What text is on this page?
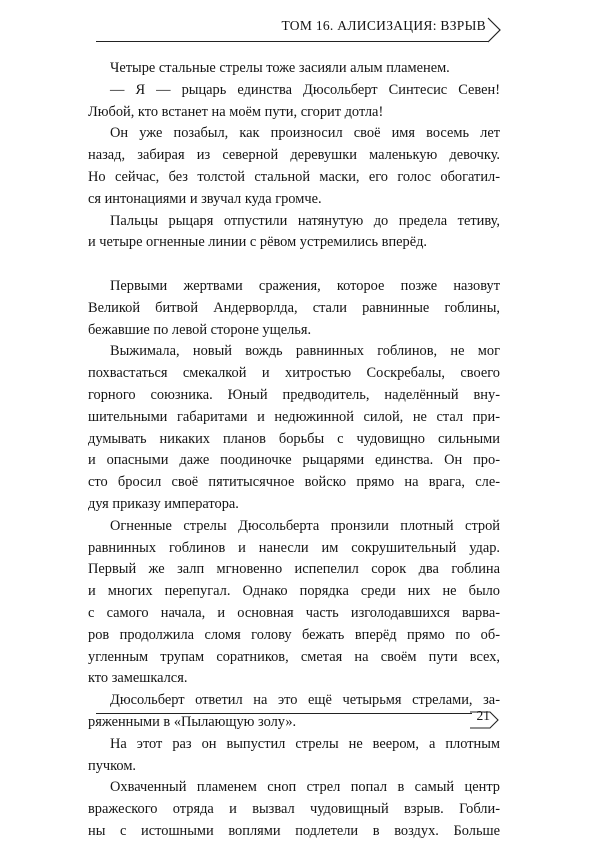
ТОМ 16. АЛИСИЗАЦИЯ: ВЗРЫВ

Четыре стальные стрелы тоже засияли алым пламенем.

— Я — рыцарь единства Дюсольберт Синтесис Севен!
Любой, кто встанет на моём пути, сгорит дотла!

Он уже позабыл, как произносил своё имя восемь лет
назад, забирая из северной деревушки маленькую девочку.
Но сейчас, без толстой стальной маски, его голос обогатил-
ся интонациями и звучал куда громче.

Пальцы рыцаря отпустили натянутую до предела тетиву,
и четыре огненные линии с рёвом устремились вперёд.

Первыми жертвами сражения, которое позже назовут
Великой битвой Андерворлда, стали равнинные гоблины,
бежавшие по левой стороне ущелья.

Выжимала, новый вождь равнинных гоблинов, не мог
похвастаться смекалкой и хитростью Соскребалы, своего
горного союзника. Юный предводитель, наделённый вну-
шительными габаритами и недюжинной силой, не стал при-
думывать никаких планов борьбы с чудовищно сильными
и опасными даже поодиночке рыцарями единства. Он про-
сто бросил своё пятитысячное войско прямо на врага, сле-
дуя приказу императора.

Огненные стрелы Дюсольберта пронзили плотный строй
равнинных гоблинов и нанесли им сокрушительный удар.
Первый же залп мгновенно испепелил сорок два гоблина
и многих перепугал. Однако порядка среди них не было
с самого начала, и основная часть изголодавшихся варва-
ров продолжила сломя голову бежать вперёд прямо по об-
угленным трупам соратников, сметая на своём пути всех,
кто замешкался.

Дюсольберт ответил на это ещё четырьмя стрелами, за-
ряженными в «Пылающую золу».

На этот раз он выпустил стрелы не веером, а плотным
пучком.

Охваченный пламенем сноп стрел попал в самый центр
вражеского отряда и вызвал чудовищный взрыв. Гобли-
ны с истошными воплями подлетели в воздух. Больше

21
